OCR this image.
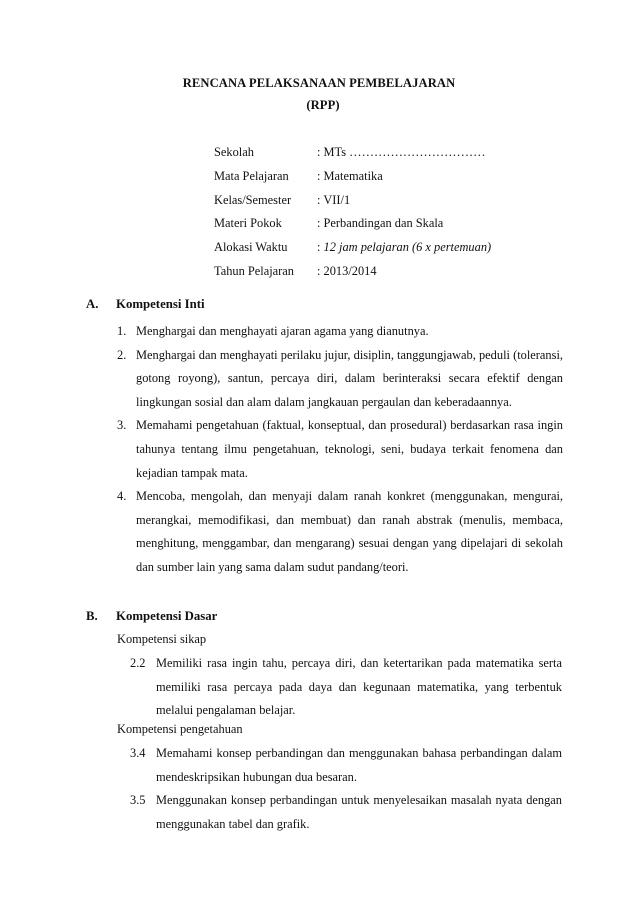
RENCANA PELAKSANAAN PEMBELAJARAN
(RPP)
Sekolah	: MTs ……………………………
Mata Pelajaran : Matematika
Kelas/Semester : VII/1
Materi Pokok	: Perbandingan dan Skala
Alokasi Waktu : 12 jam pelajaran (6 x pertemuan)
Tahun Pelajaran : 2013/2014
A. Kompetensi Inti
1. Menghargai dan menghayati ajaran agama yang dianutnya.
2. Menghargai dan menghayati perilaku jujur, disiplin, tanggungjawab, peduli (toleransi, gotong royong), santun, percaya diri, dalam berinteraksi secara efektif dengan lingkungan sosial dan alam dalam jangkauan pergaulan dan keberadaannya.
3. Memahami pengetahuan (faktual, konseptual, dan prosedural) berdasarkan rasa ingin tahunya tentang ilmu pengetahuan, teknologi, seni, budaya terkait fenomena dan kejadian tampak mata.
4. Mencoba, mengolah, dan menyaji dalam ranah konkret (menggunakan, mengurai, merangkai, memodifikasi, dan membuat) dan ranah abstrak (menulis, membaca, menghitung, menggambar, dan mengarang) sesuai dengan yang dipelajari di sekolah dan sumber lain yang sama dalam sudut pandang/teori.
B. Kompetensi Dasar
Kompetensi sikap
2.2 Memiliki rasa ingin tahu, percaya diri, dan ketertarikan pada matematika serta memiliki rasa percaya pada daya dan kegunaan matematika, yang terbentuk melalui pengalaman belajar.
Kompetensi pengetahuan
3.4 Memahami konsep perbandingan dan menggunakan bahasa perbandingan dalam mendeskripsikan hubungan dua besaran.
3.5 Menggunakan konsep perbandingan untuk menyelesaikan masalah nyata dengan menggunakan tabel dan grafik.
